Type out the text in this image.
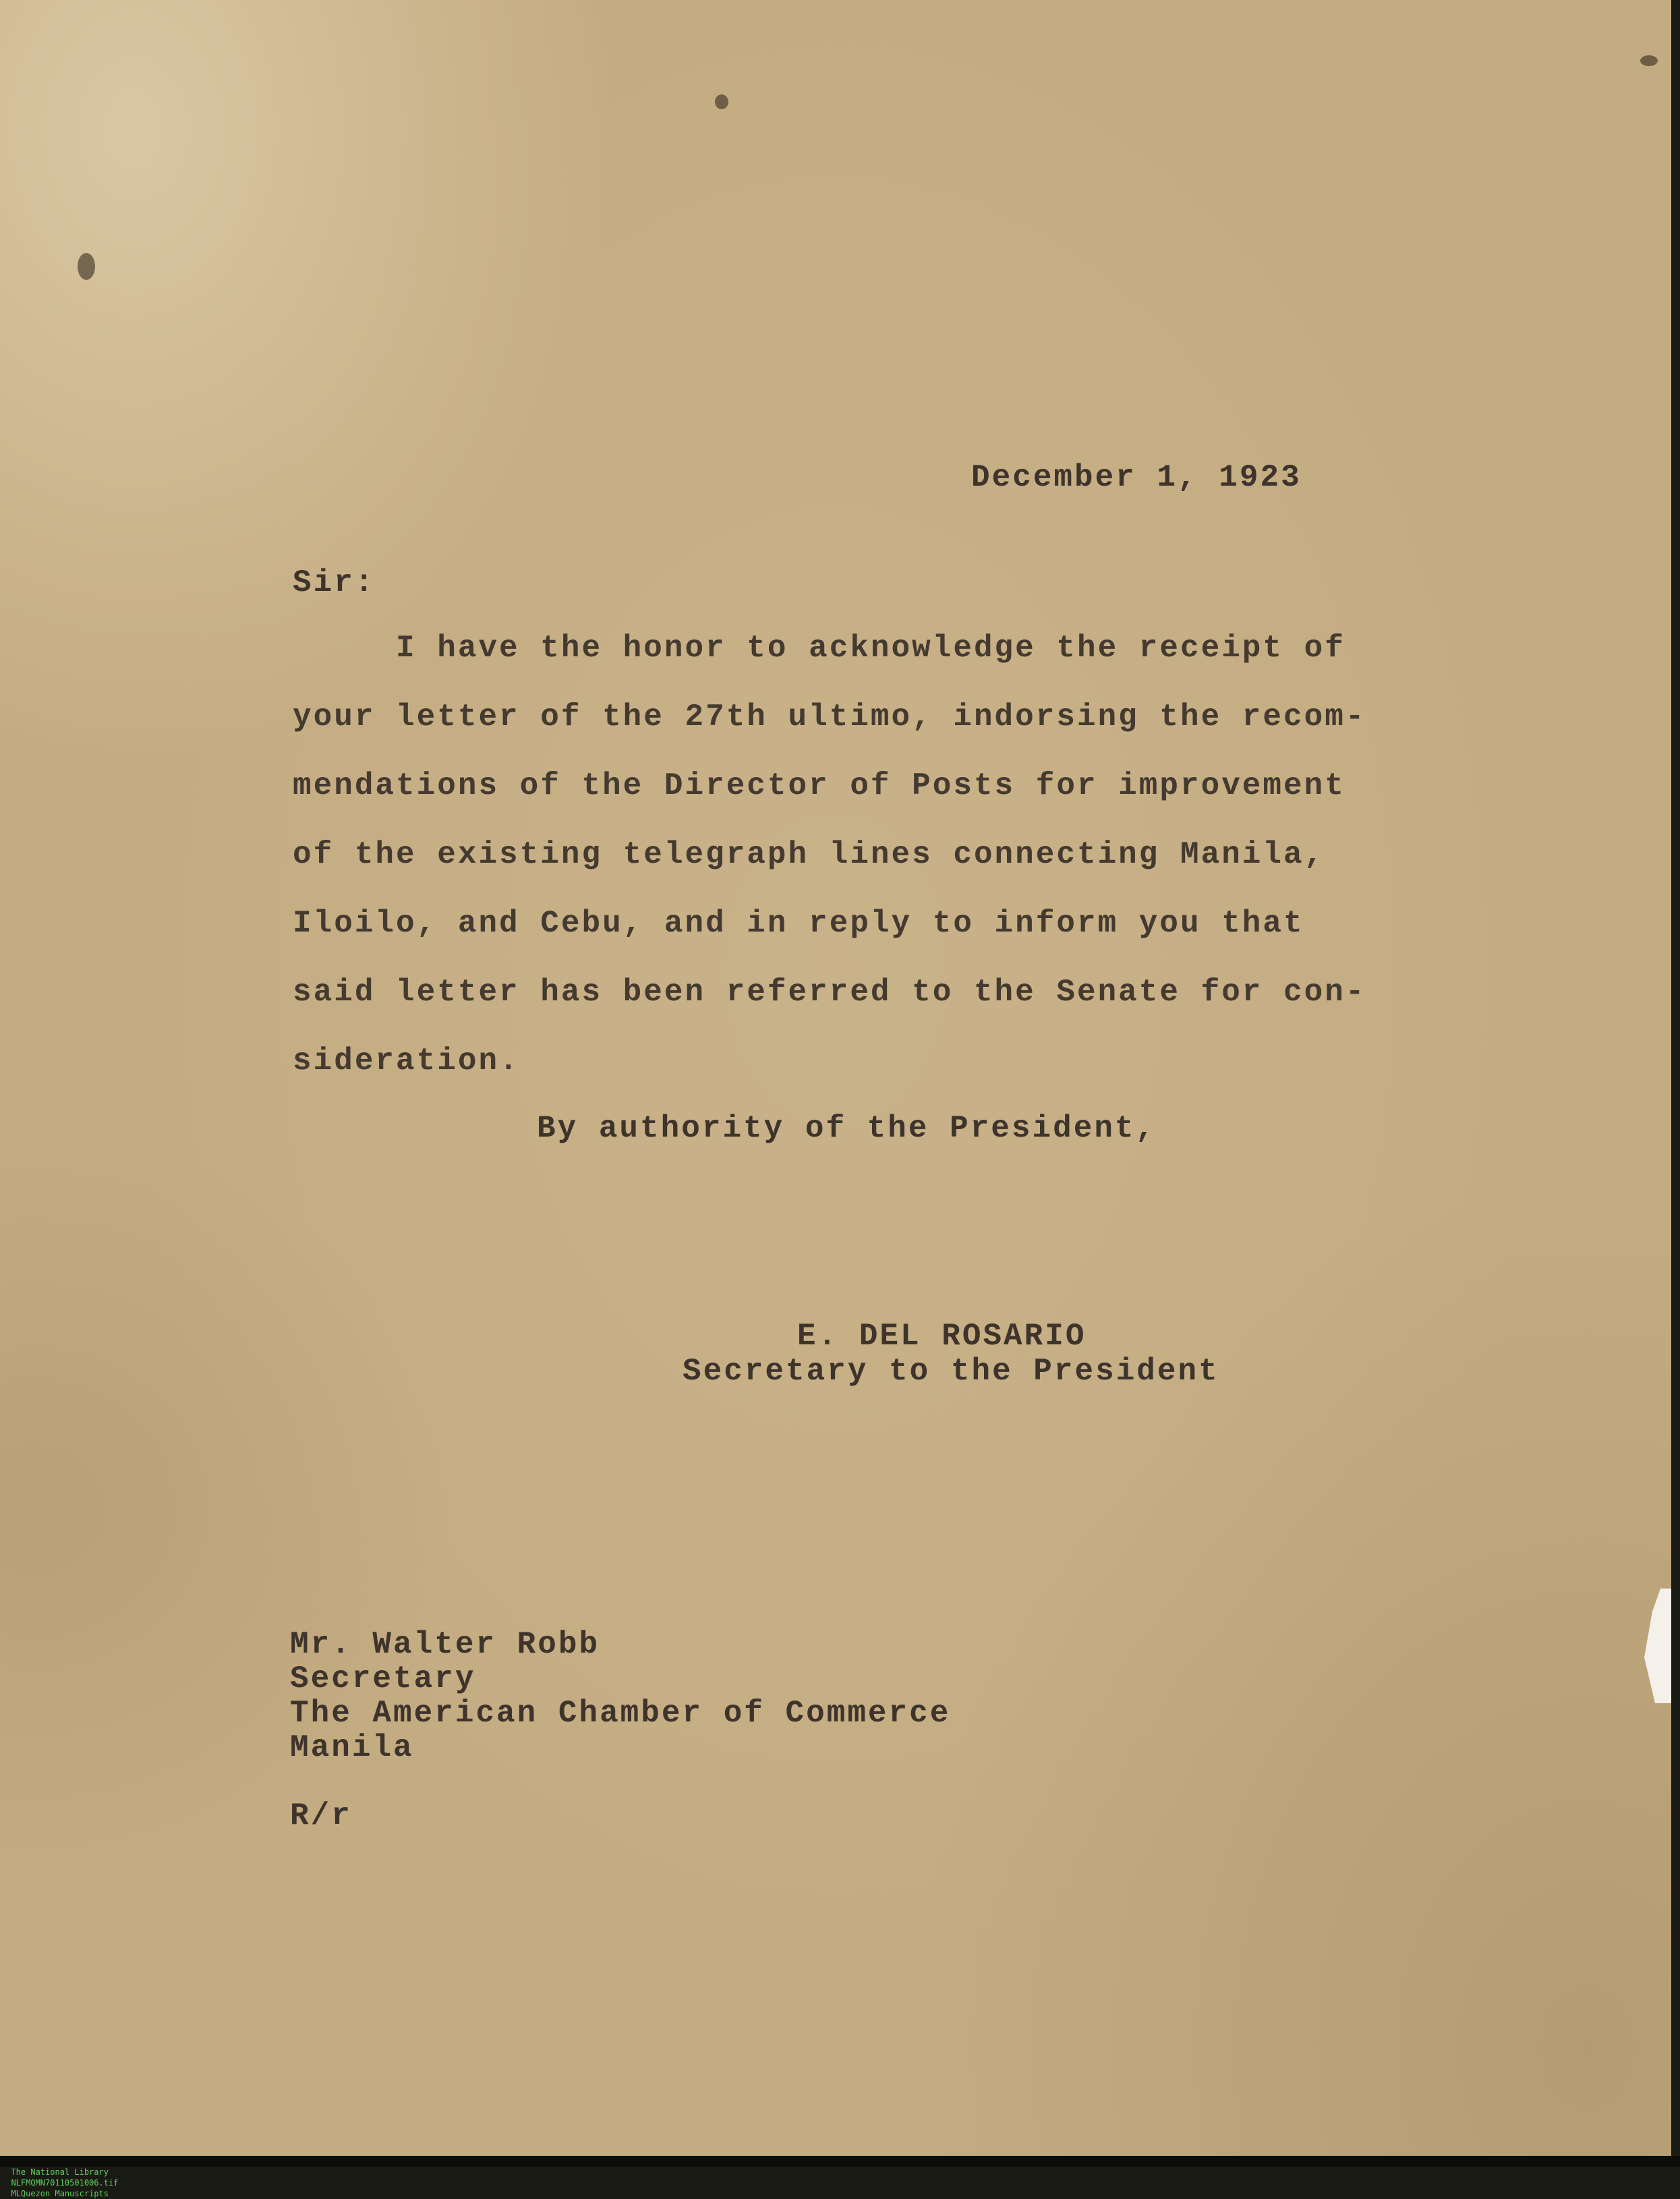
December 1, 1923
Sir:
I have the honor to acknowledge the receipt of
your letter of the 27th ultimo, indorsing the recom-
mendations of the Director of Posts for improvement
of the existing telegraph lines connecting Manila,
Iloilo, and Cebu, and in reply to inform you that
said letter has been referred to the Senate for con-
sideration.
By authority of the President,
E. DEL ROSARIO
Secretary to the President
Mr. Walter Robb
Secretary
The American Chamber of Commerce
Manila
R/r

The National Library
NLFMQMN70110501006.tif
MLQuezon Manuscripts
